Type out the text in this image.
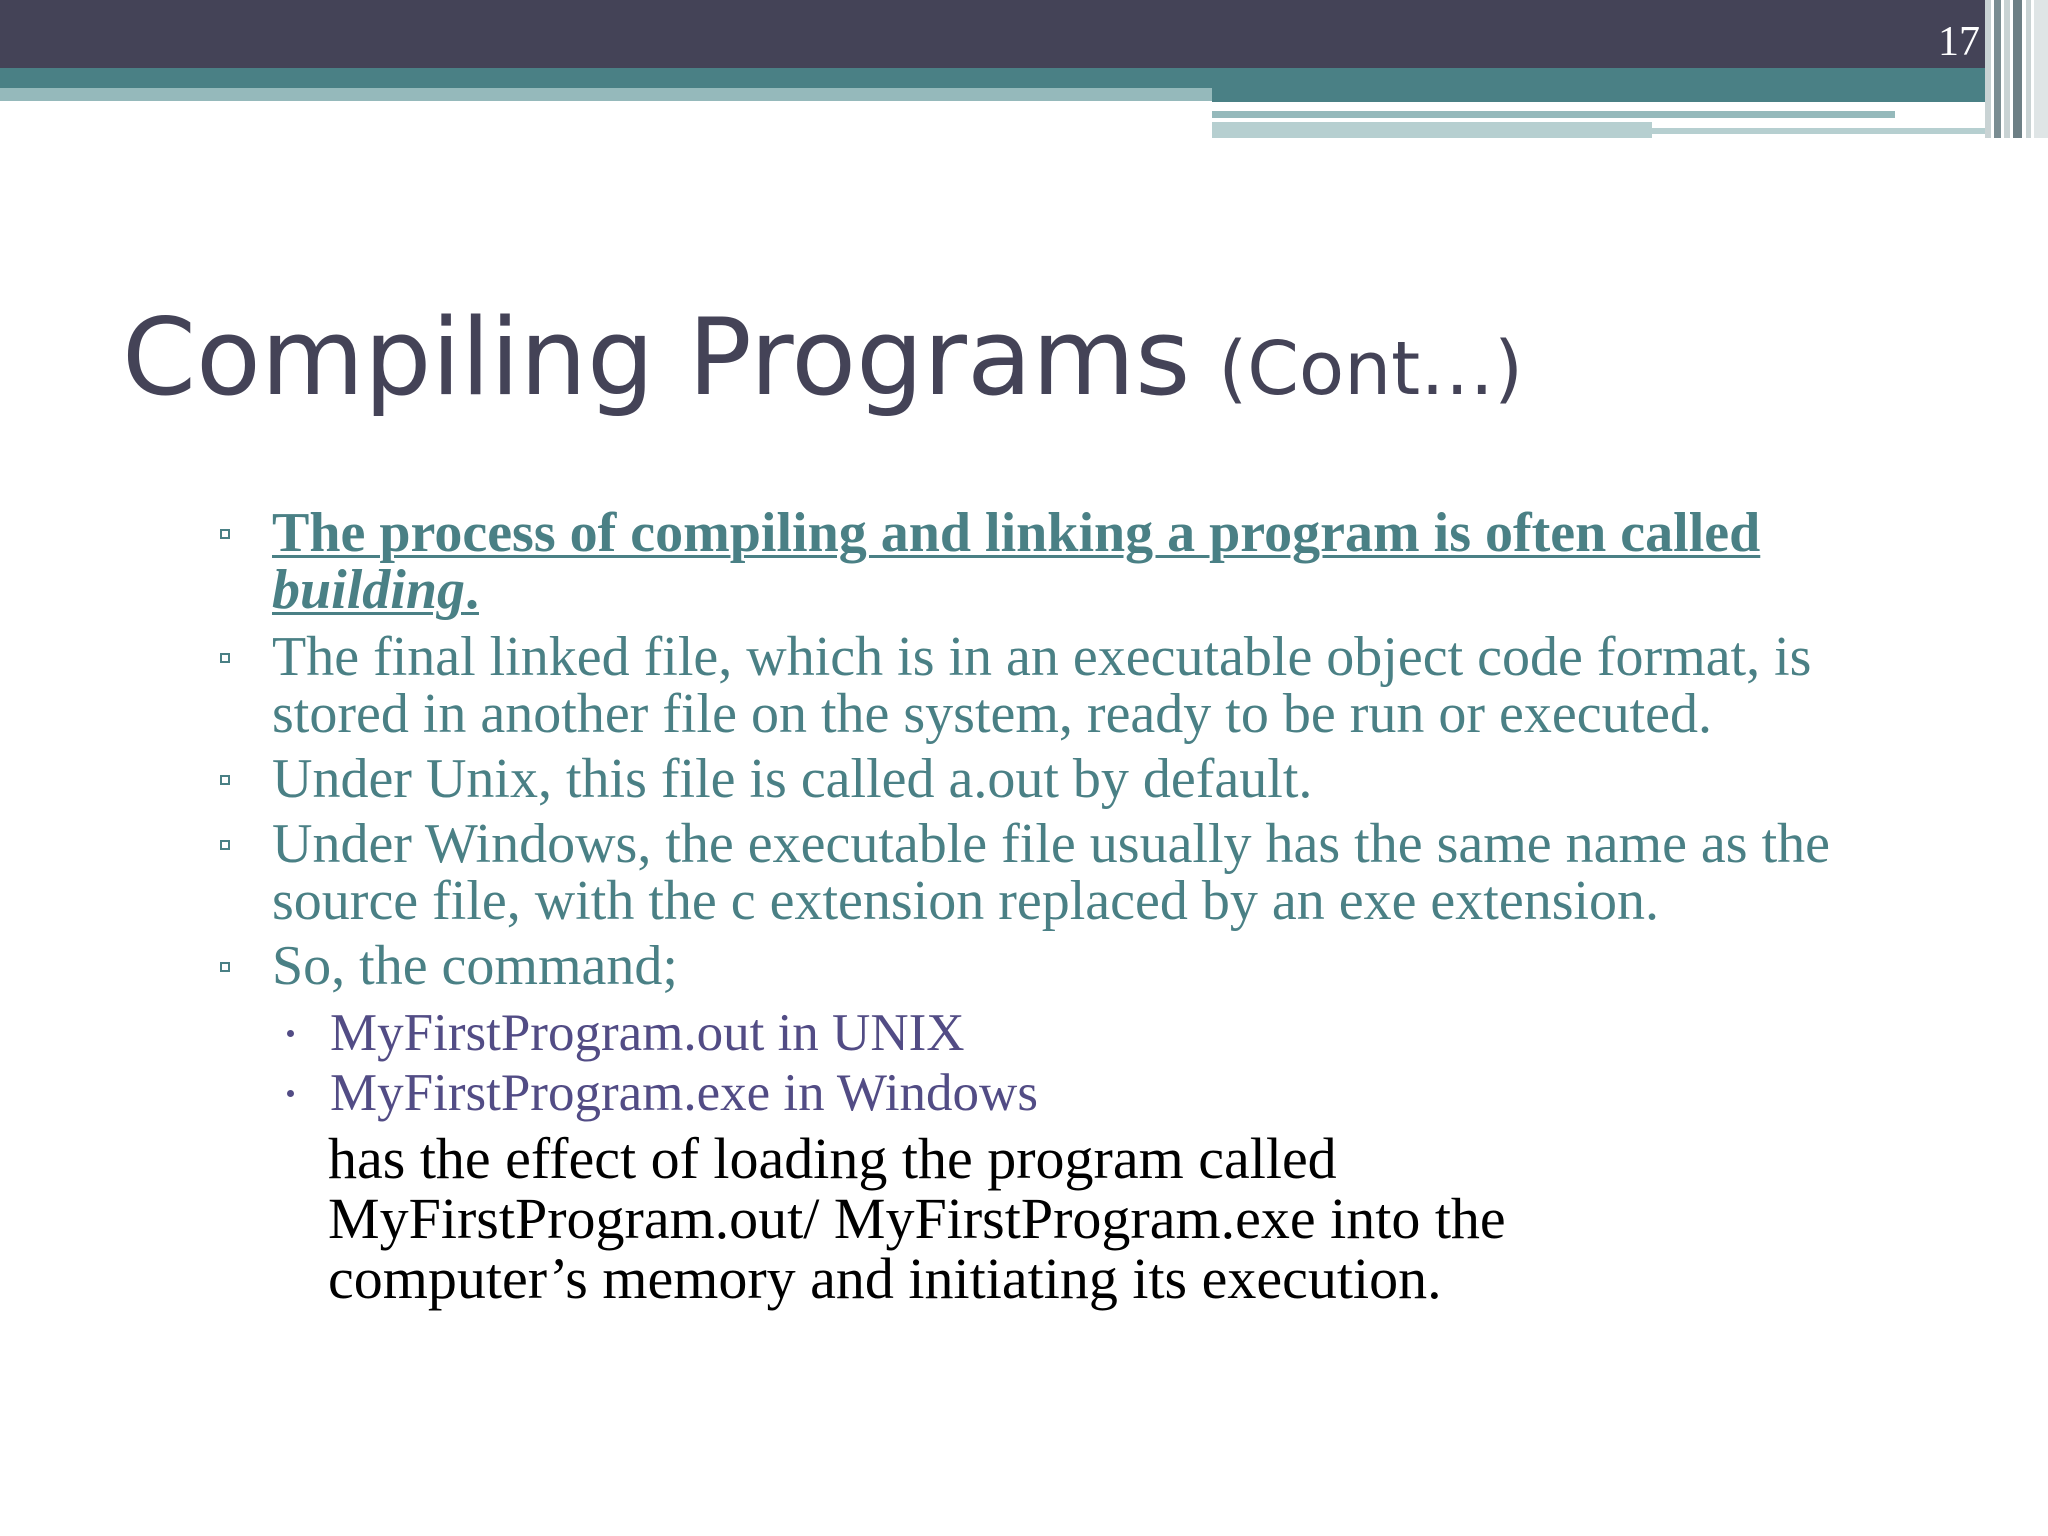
17
Compiling Programs (Cont…)
The process of compiling and linking a program is often called building.
The final linked file, which is in an executable object code format, is stored in another file on the system, ready to be run or executed.
Under Unix, this file is called a.out by default.
Under Windows, the executable file usually has the same name as the source file, with the c extension replaced by an exe extension.
So, the command;
MyFirstProgram.out in UNIX
MyFirstProgram.exe in Windows
has the effect of loading the program called
MyFirstProgram.out/ MyFirstProgram.exe into the
computer’s memory and initiating its execution.
